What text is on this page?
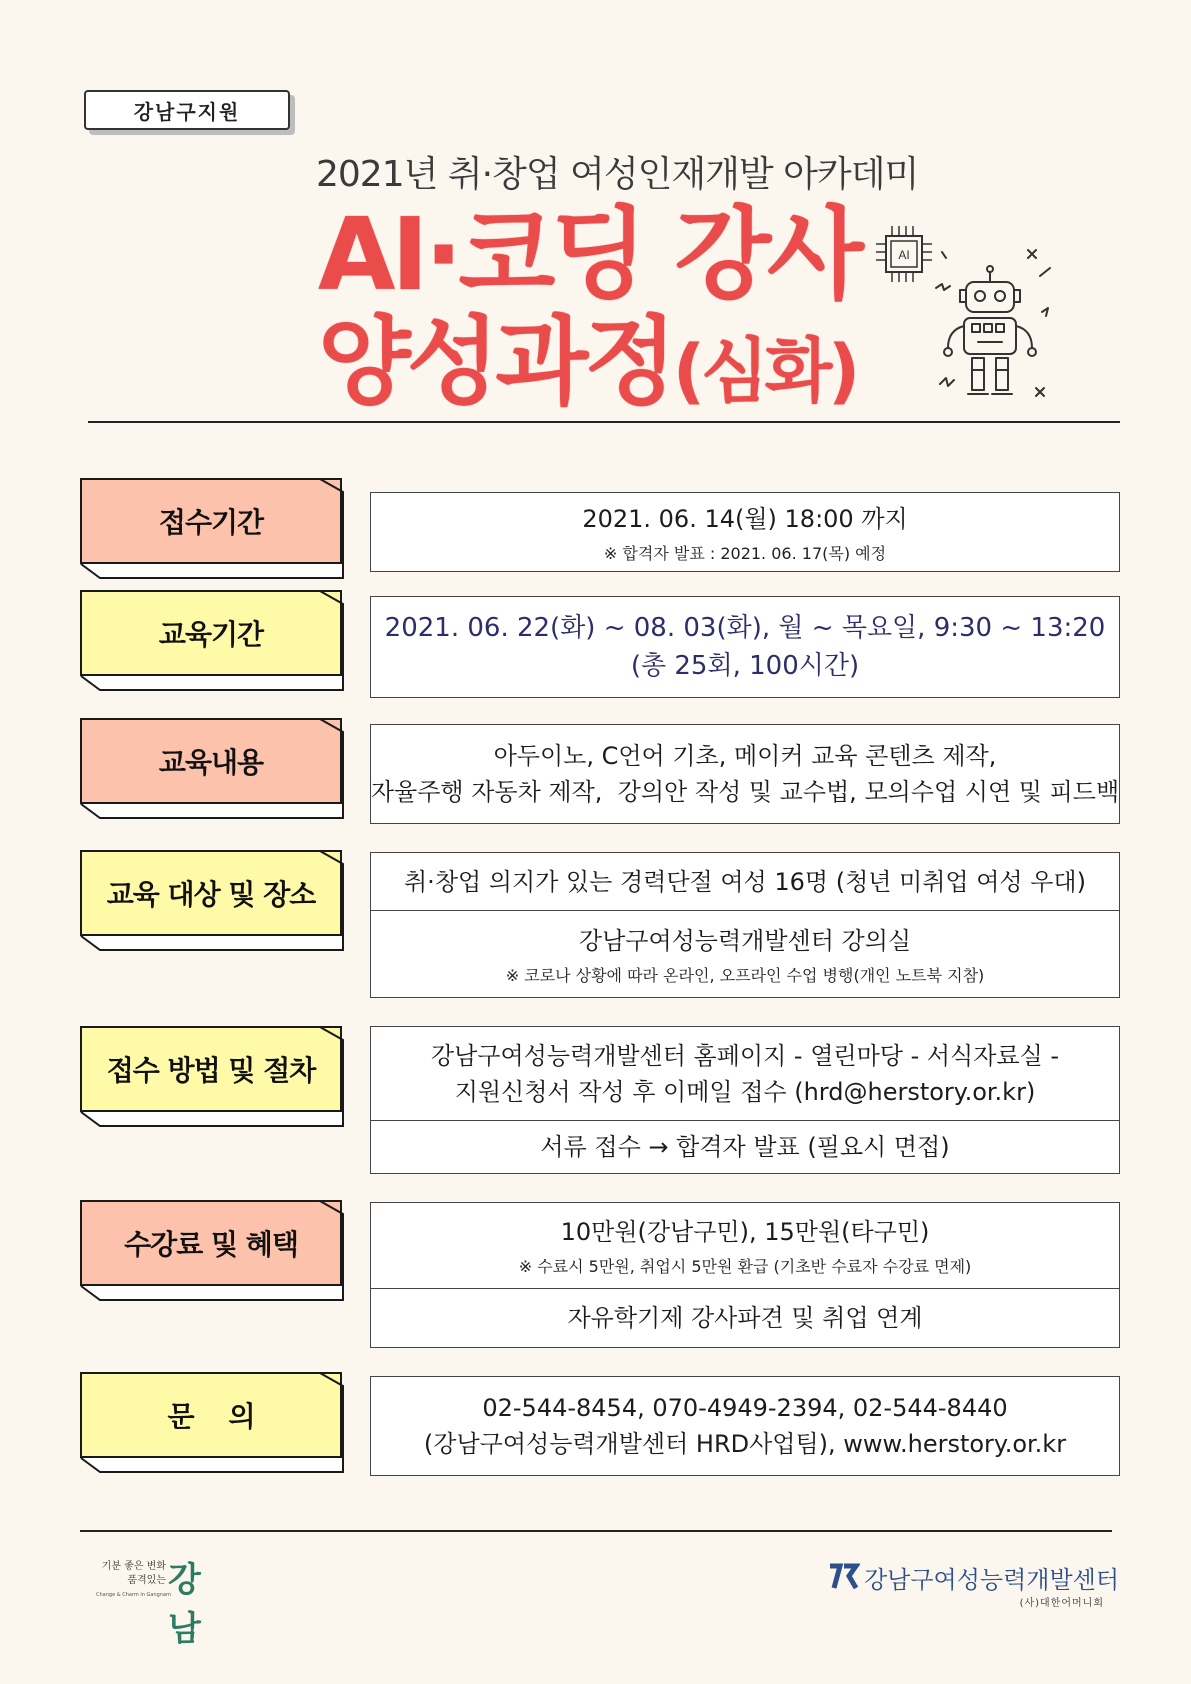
강남구지원
2021년 취·창업 여성인재개발 아카데미
AI·코딩 강사
양성과정(심화)
AI
접수기간	2021. 06. 14(월) 18:00 까지
※ 합격자 발표 : 2021. 06. 17(목) 예정
교육기간	2021. 06. 22(화) ~ 08. 03(화), 월 ~ 목요일, 9:30 ~ 13:20
(총 25회, 100시간)
교육내용	아두이노, C언어 기초, 메이커 교육 콘텐츠 제작,
자율주행 자동차 제작,  강의안 작성 및 교수법, 모의수업 시연 및 피드백
교육 대상 및 장소	취·창업 의지가 있는 경력단절 여성 16명 (청년 미취업 여성 우대)
강남구여성능력개발센터 강의실
※ 코로나 상황에 따라 온라인, 오프라인 수업 병행(개인 노트북 지참)
접수 방법 및 절차	강남구여성능력개발센터 홈페이지 - 열린마당 - 서식자료실 -
지원신청서 작성 후 이메일 접수 (hrd@herstory.or.kr)
서류 접수 → 합격자 발표 (필요시 면접)
수강료 및 혜택	10만원(강남구민), 15만원(타구민)
※ 수료시 5만원, 취업시 5만원 환급 (기초반 수료자 수강료 면제)
자유학기제 강사파견 및 취업 연계
문    의	02-544-8454, 070-4949-2394, 02-544-8440
(강남구여성능력개발센터 HRD사업팀), www.herstory.or.kr
기분 좋은 변화
품격있는
Change & Charm in Gangnam
강남
강남구여성능력개발센터
(사)대한어머니회
